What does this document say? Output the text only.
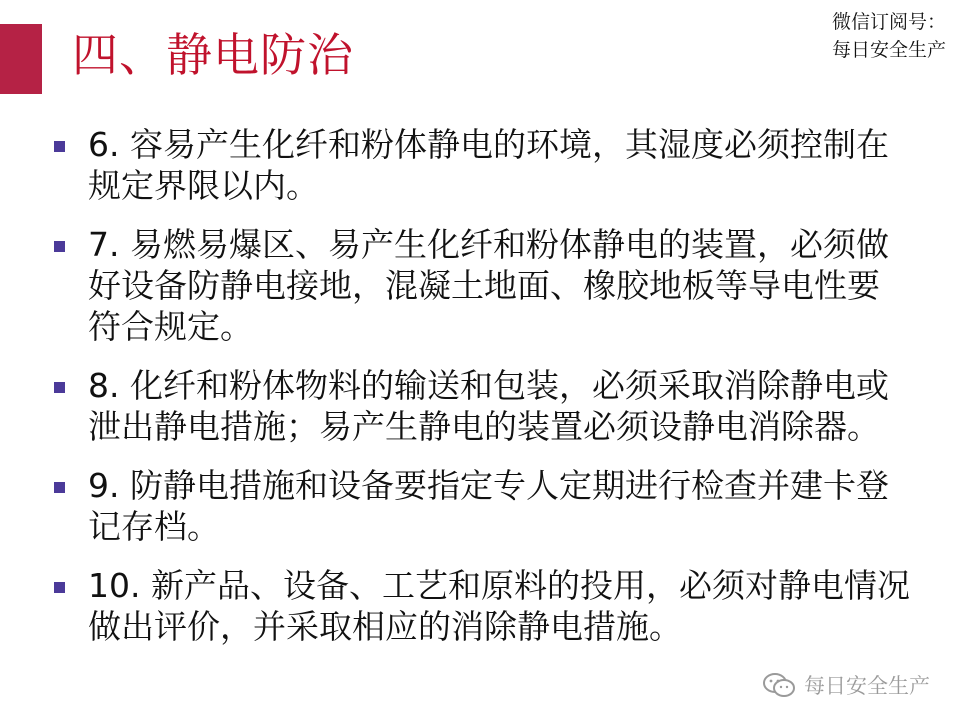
四、静电防治
微信订阅号：
每日安全生产
6. 容易产生化纤和粉体静电的环境，其湿度必须控制在规定界限以内。
7. 易燃易爆区、易产生化纤和粉体静电的装置，必须做好设备防静电接地，混凝土地面、橡胶地板等导电性要符合规定。
8. 化纤和粉体物料的输送和包装，必须采取消除静电或泄出静电措施；易产生静电的装置必须设静电消除器。
9. 防静电措施和设备要指定专人定期进行检查并建卡登记存档。
10. 新产品、设备、工艺和原料的投用，必须对静电情况做出评价，并采取相应的消除静电措施。
每日安全生产
